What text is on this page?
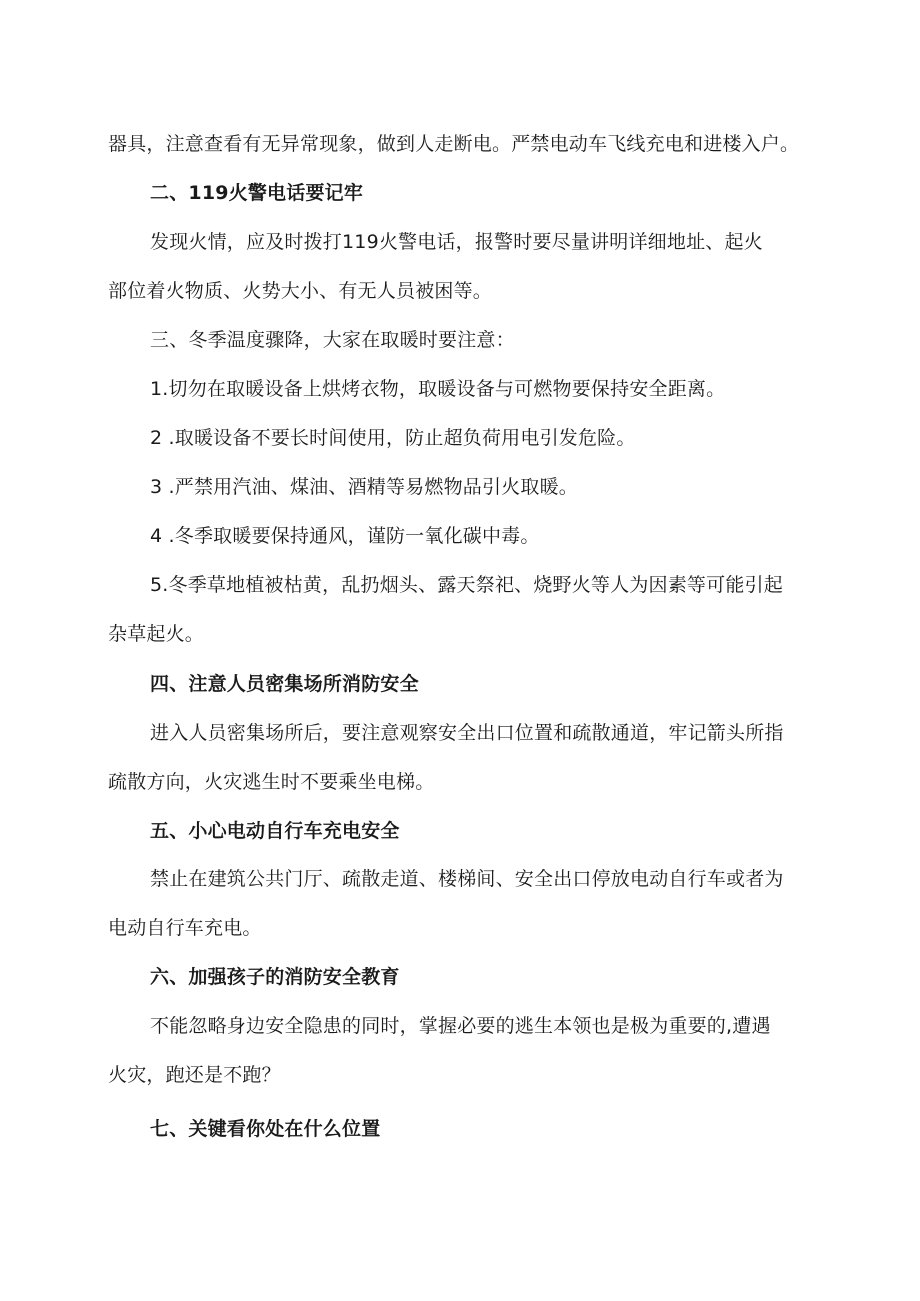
器具，注意查看有无异常现象，做到人走断电。严禁电动车飞线充电和进楼入户。
二、119火警电话要记牢
发现火情，应及时拨打119火警电话，报警时要尽量讲明详细地址、起火
部位着火物质、火势大小、有无人员被困等。
三、冬季温度骤降，大家在取暖时要注意：
1.切勿在取暖设备上烘烤衣物，取暖设备与可燃物要保持安全距离。
2 .取暖设备不要长时间使用，防止超负荷用电引发危险。
3 .严禁用汽油、煤油、酒精等易燃物品引火取暖。
4 .冬季取暖要保持通风，谨防一氧化碳中毒。
5.冬季草地植被枯黄，乱扔烟头、露天祭祀、烧野火等人为因素等可能引起
杂草起火。
四、注意人员密集场所消防安全
进入人员密集场所后，要注意观察安全出口位置和疏散通道，牢记箭头所指
疏散方向，火灾逃生时不要乘坐电梯。
五、小心电动自行车充电安全
禁止在建筑公共门厅、疏散走道、楼梯间、安全出口停放电动自行车或者为
电动自行车充电。
六、加强孩子的消防安全教育
不能忽略身边安全隐患的同时，掌握必要的逃生本领也是极为重要的,遭遇
火灾，跑还是不跑？
七、关键看你处在什么位置
